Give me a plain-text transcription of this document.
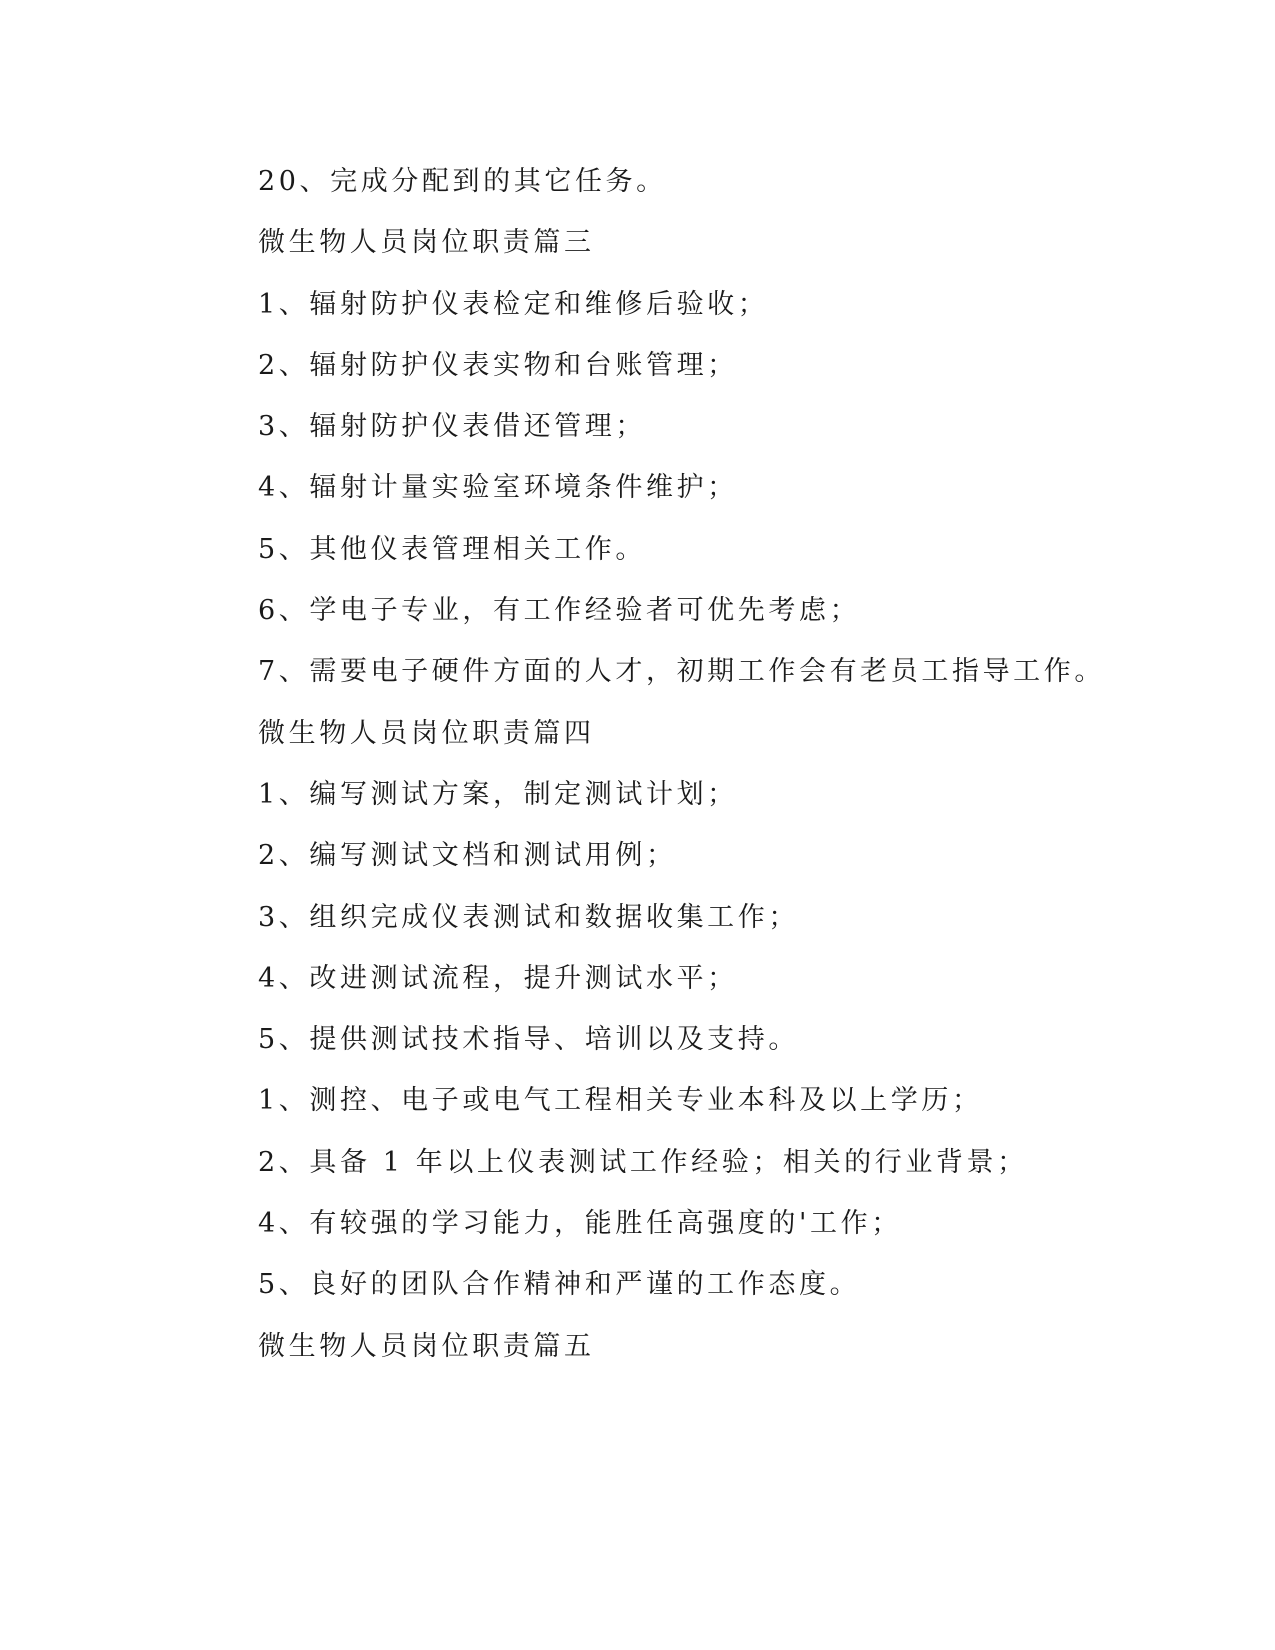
20、完成分配到的其它任务。
微生物人员岗位职责篇三
1、辐射防护仪表检定和维修后验收；
2、辐射防护仪表实物和台账管理；
3、辐射防护仪表借还管理；
4、辐射计量实验室环境条件维护；
5、其他仪表管理相关工作。
6、学电子专业，有工作经验者可优先考虑；
7、需要电子硬件方面的人才，初期工作会有老员工指导工作。
微生物人员岗位职责篇四
1、编写测试方案，制定测试计划；
2、编写测试文档和测试用例；
3、组织完成仪表测试和数据收集工作；
4、改进测试流程，提升测试水平；
5、提供测试技术指导、培训以及支持。
1、测控、电子或电气工程相关专业本科及以上学历；
2、具备 1 年以上仪表测试工作经验；相关的行业背景；
4、有较强的学习能力，能胜任高强度的'工作；
5、良好的团队合作精神和严谨的工作态度。
微生物人员岗位职责篇五
